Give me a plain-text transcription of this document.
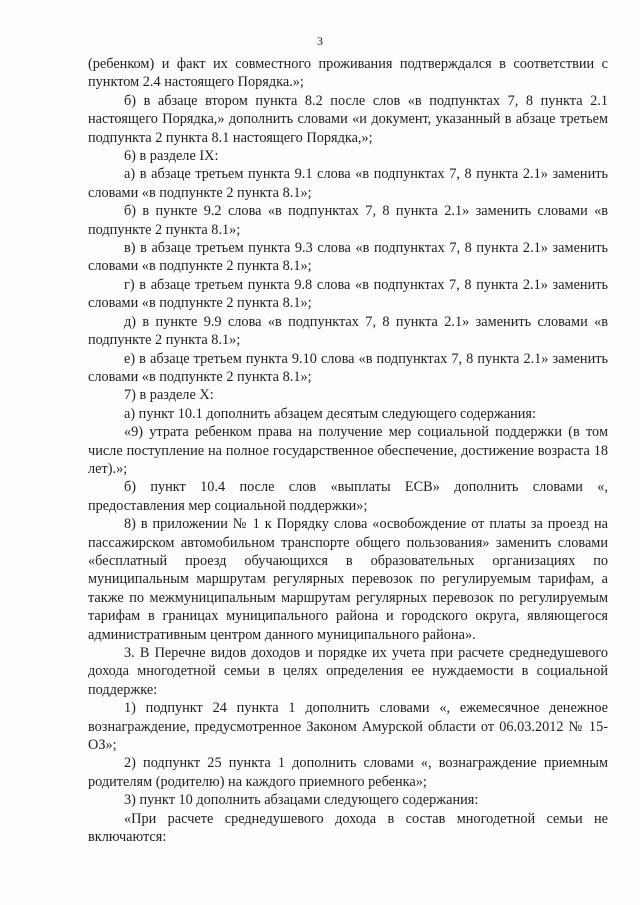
3

(ребенком) и факт их совместного проживания подтверждался в соответствии с пунктом 2.4 настоящего Порядка.»;

б) в абзаце втором пункта 8.2 после слов «в подпунктах 7, 8 пункта 2.1 настоящего Порядка,» дополнить словами «и документ, указанный в абзаце третьем подпункта 2 пункта 8.1 настоящего Порядка,»;

6) в разделе IX:

а) в абзаце третьем пункта 9.1 слова «в подпунктах 7, 8 пункта 2.1» заменить словами «в подпункте 2 пункта 8.1»;

б) в пункте 9.2 слова «в подпунктах 7, 8 пункта 2.1» заменить словами «в подпункте 2 пункта 8.1»;

в) в абзаце третьем пункта 9.3 слова «в подпунктах 7, 8 пункта 2.1» заменить словами «в подпункте 2 пункта 8.1»;

г) в абзаце третьем пункта 9.8 слова «в подпунктах 7, 8 пункта 2.1» заменить словами «в подпункте 2 пункта 8.1»;

д) в пункте 9.9 слова «в подпунктах 7, 8 пункта 2.1» заменить словами «в подпункте 2 пункта 8.1»;

е) в абзаце третьем пункта 9.10 слова «в подпунктах 7, 8 пункта 2.1» заменить словами «в подпункте 2 пункта 8.1»;

7) в разделе X:

а) пункт 10.1 дополнить абзацем десятым следующего содержания:

«9) утрата ребенком права на получение мер социальной поддержки (в том числе поступление на полное государственное обеспечение, достижение возраста 18 лет).»;

б) пункт 10.4 после слов «выплаты ЕСВ» дополнить словами «, предоставления мер социальной поддержки»;

8) в приложении № 1 к Порядку слова «освобождение от платы за проезд на пассажирском автомобильном транспорте общего пользования» заменить словами «бесплатный проезд обучающихся в образовательных организациях по муниципальным маршрутам регулярных перевозок по регулируемым тарифам, а также по межмуниципальным маршрутам регулярных перевозок по регулируемым тарифам в границах муниципального района и городского округа, являющегося административным центром данного муниципального района».

3. В Перечне видов доходов и порядке их учета при расчете среднедушевого дохода многодетной семьи в целях определения ее нуждаемости в социальной поддержке:

1) подпункт 24 пункта 1 дополнить словами «, ежемесячное денежное вознаграждение, предусмотренное Законом Амурской области от 06.03.2012 № 15-ОЗ»;

2) подпункт 25 пункта 1 дополнить словами «, вознаграждение приемным родителям (родителю) на каждого приемного ребенка»;

3) пункт 10 дополнить абзацами следующего содержания:

«При расчете среднедушевого дохода в состав многодетной семьи не включаются:
